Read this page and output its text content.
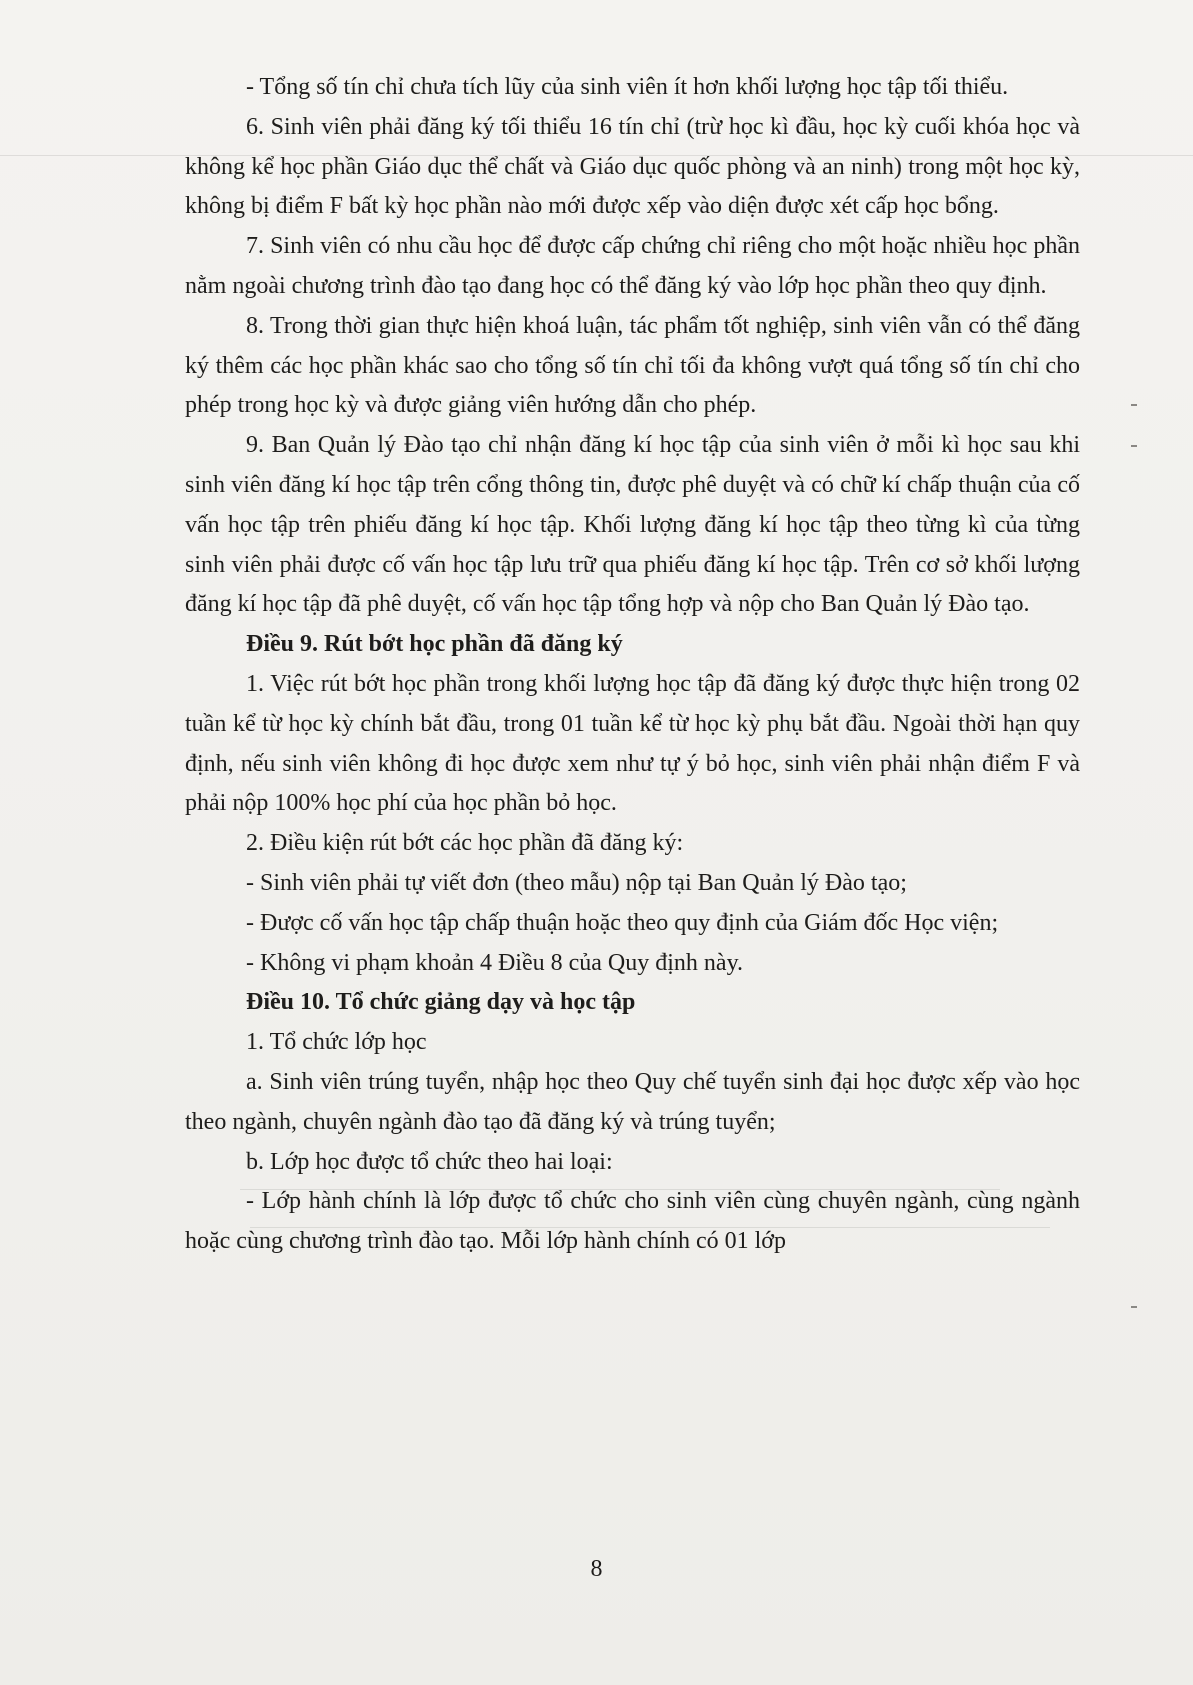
- Tổng số tín chỉ chưa tích lũy của sinh viên ít hơn khối lượng học tập tối thiểu.

6. Sinh viên phải đăng ký tối thiểu 16 tín chỉ (trừ học kì đầu, học kỳ cuối khóa học và không kể học phần Giáo dục thể chất và Giáo dục quốc phòng và an ninh) trong một học kỳ, không bị điểm F bất kỳ học phần nào mới được xếp vào diện được xét cấp học bổng.

7. Sinh viên có nhu cầu học để được cấp chứng chỉ riêng cho một hoặc nhiều học phần nằm ngoài chương trình đào tạo đang học có thể đăng ký vào lớp học phần theo quy định.

8. Trong thời gian thực hiện khoá luận, tác phẩm tốt nghiệp, sinh viên vẫn có thể đăng ký thêm các học phần khác sao cho tổng số tín chỉ tối đa không vượt quá tổng số tín chỉ cho phép trong học kỳ và được giảng viên hướng dẫn cho phép.

9. Ban Quản lý Đào tạo chỉ nhận đăng kí học tập của sinh viên ở mỗi kì học sau khi sinh viên đăng kí học tập trên cổng thông tin, được phê duyệt và có chữ kí chấp thuận của cố vấn học tập trên phiếu đăng kí học tập. Khối lượng đăng kí học tập theo từng kì của từng sinh viên phải được cố vấn học tập lưu trữ qua phiếu đăng kí học tập. Trên cơ sở khối lượng đăng kí học tập đã phê duyệt, cố vấn học tập tổng hợp và nộp cho Ban Quản lý Đào tạo.

Điều 9. Rút bớt học phần đã đăng ký

1. Việc rút bớt học phần trong khối lượng học tập đã đăng ký được thực hiện trong 02 tuần kể từ học kỳ chính bắt đầu, trong 01 tuần kể từ học kỳ phụ bắt đầu. Ngoài thời hạn quy định, nếu sinh viên không đi học được xem như tự ý bỏ học, sinh viên phải nhận điểm F và phải nộp 100% học phí của học phần bỏ học.

2. Điều kiện rút bớt các học phần đã đăng ký:

- Sinh viên phải tự viết đơn (theo mẫu) nộp tại Ban Quản lý Đào tạo;

- Được cố vấn học tập chấp thuận hoặc theo quy định của Giám đốc Học viện;

- Không vi phạm khoản 4 Điều 8 của Quy định này.

Điều 10. Tổ chức giảng dạy và học tập

1. Tổ chức lớp học

a. Sinh viên trúng tuyển, nhập học theo Quy chế tuyển sinh đại học được xếp vào học theo ngành, chuyên ngành đào tạo đã đăng ký và trúng tuyển;

b. Lớp học được tổ chức theo hai loại:

- Lớp hành chính là lớp được tổ chức cho sinh viên cùng chuyên ngành, cùng ngành hoặc cùng chương trình đào tạo. Mỗi lớp hành chính có 01 lớp

8
